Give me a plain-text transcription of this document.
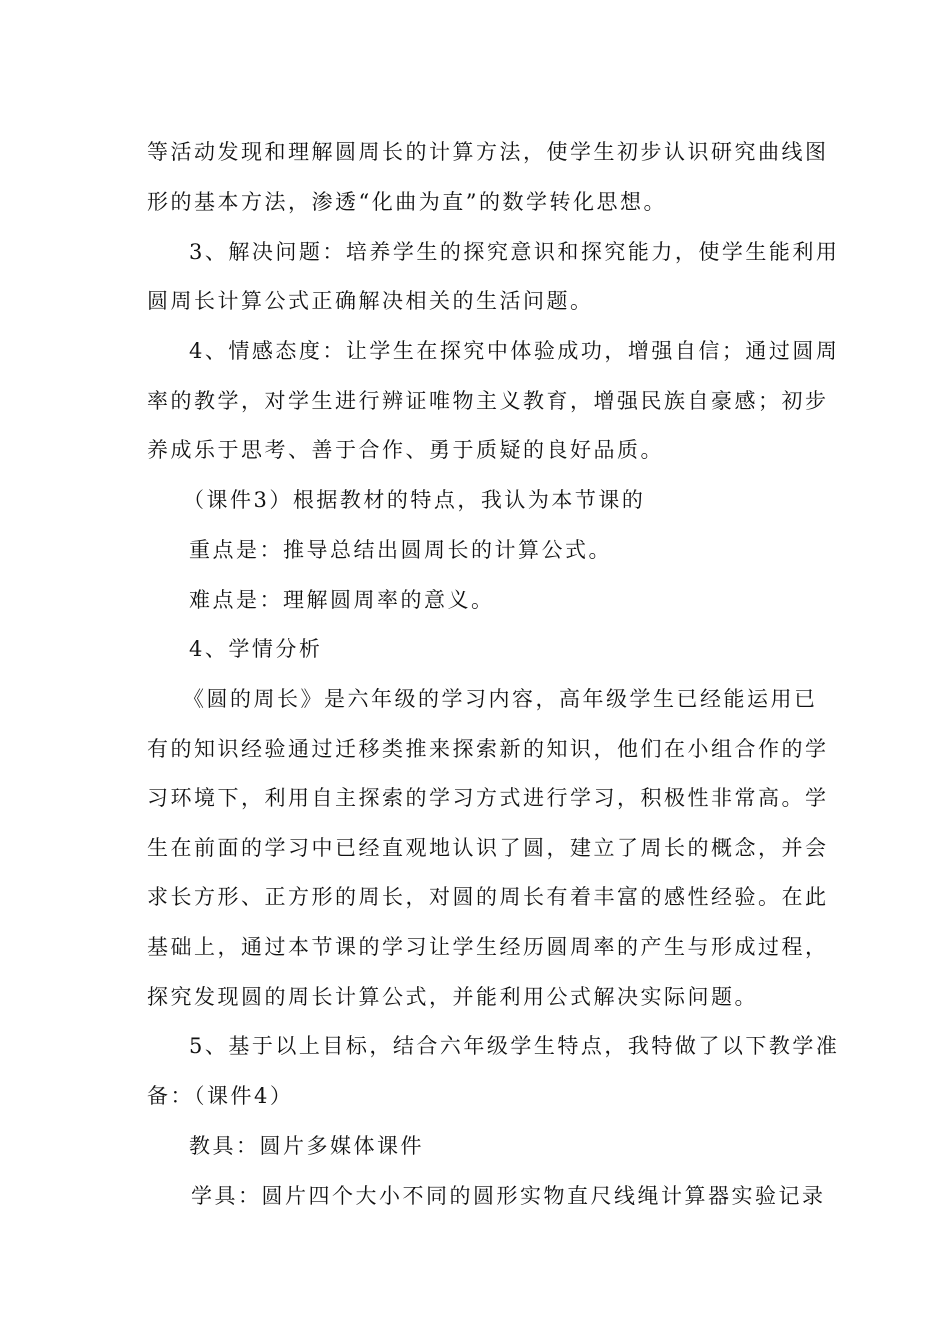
等活动发现和理解圆周长的计算方法，使学生初步认识研究曲线图
形的基本方法，渗透“化曲为直”的数学转化思想。
3、解决问题：培养学生的探究意识和探究能力，使学生能利用
圆周长计算公式正确解决相关的生活问题。
4、情感态度：让学生在探究中体验成功，增强自信；通过圆周
率的教学，对学生进行辨证唯物主义教育，增强民族自豪感；初步
养成乐于思考、善于合作、勇于质疑的良好品质。
（课件3）根据教材的特点，我认为本节课的
重点是：推导总结出圆周长的计算公式。
难点是：理解圆周率的意义。
4、学情分析
《圆的周长》是六年级的学习内容，高年级学生已经能运用已
有的知识经验通过迁移类推来探索新的知识，他们在小组合作的学
习环境下，利用自主探索的学习方式进行学习，积极性非常高。学
生在前面的学习中已经直观地认识了圆，建立了周长的概念，并会
求长方形、正方形的周长，对圆的周长有着丰富的感性经验。在此
基础上，通过本节课的学习让学生经历圆周率的产生与形成过程，
探究发现圆的周长计算公式，并能利用公式解决实际问题。
5、基于以上目标，结合六年级学生特点，我特做了以下教学准
备：（课件4）
教具：圆片多媒体课件
学具：圆片四个大小不同的圆形实物直尺线绳计算器实验记录
